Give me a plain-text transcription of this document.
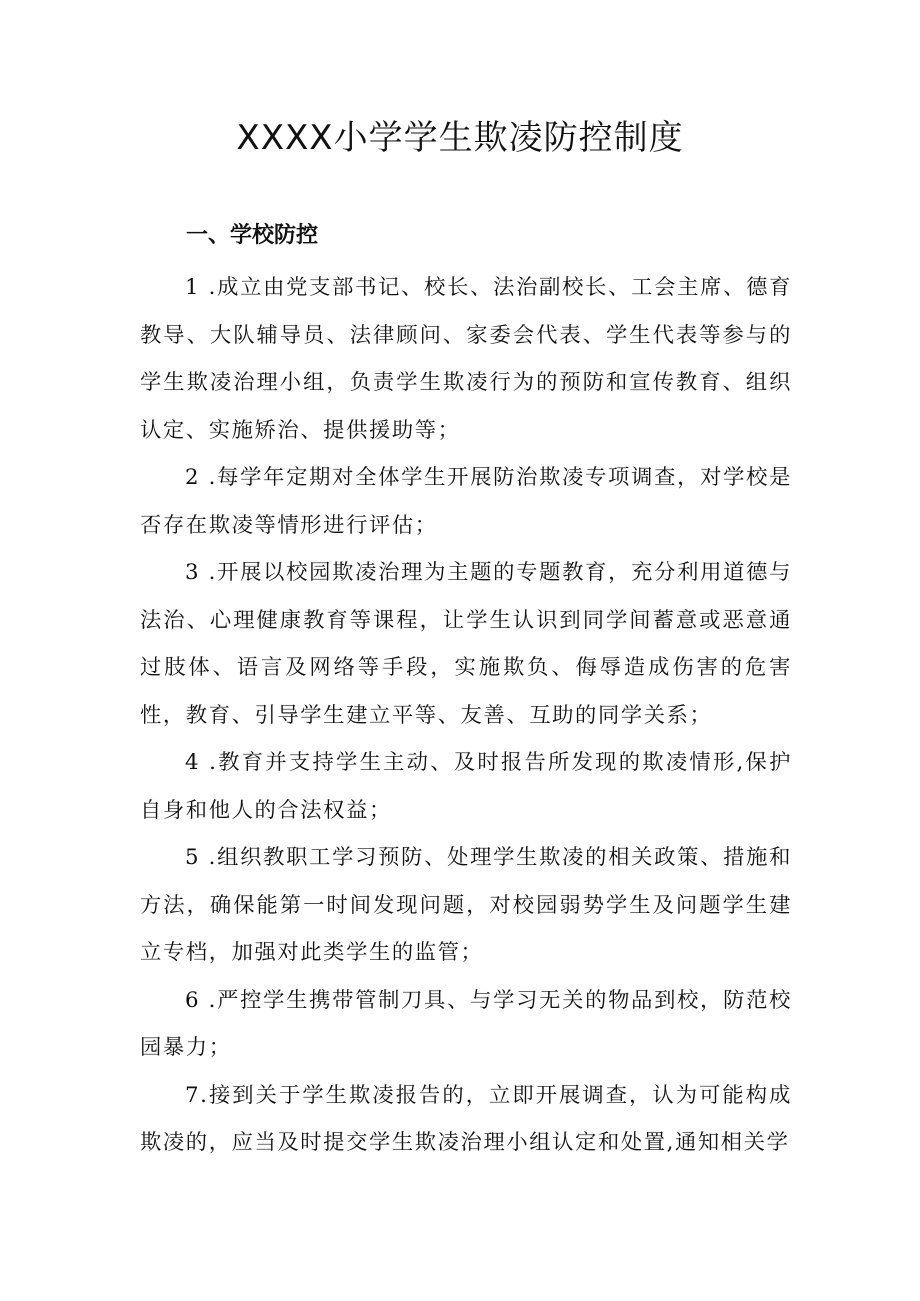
XXXX小学学生欺凌防控制度
一、学校防控

1 .成立由党支部书记、校长、法治副校长、工会主席、德育教导、大队辅导员、法律顾问、家委会代表、学生代表等参与的学生欺凌治理小组，负责学生欺凌行为的预防和宣传教育、组织认定、实施矫治、提供援助等；

2 .每学年定期对全体学生开展防治欺凌专项调查，对学校是否存在欺凌等情形进行评估；

3 .开展以校园欺凌治理为主题的专题教育，充分利用道德与法治、心理健康教育等课程，让学生认识到同学间蓄意或恶意通过肢体、语言及网络等手段，实施欺负、侮辱造成伤害的危害性，教育、引导学生建立平等、友善、互助的同学关系；

4 .教育并支持学生主动、及时报告所发现的欺凌情形,保护自身和他人的合法权益；

5 .组织教职工学习预防、处理学生欺凌的相关政策、措施和方法，确保能第一时间发现问题，对校园弱势学生及问题学生建立专档，加强对此类学生的监管；

6 .严控学生携带管制刀具、与学习无关的物品到校，防范校园暴力；

7.接到关于学生欺凌报告的，立即开展调查，认为可能构成欺凌的，应当及时提交学生欺凌治理小组认定和处置,通知相关学
